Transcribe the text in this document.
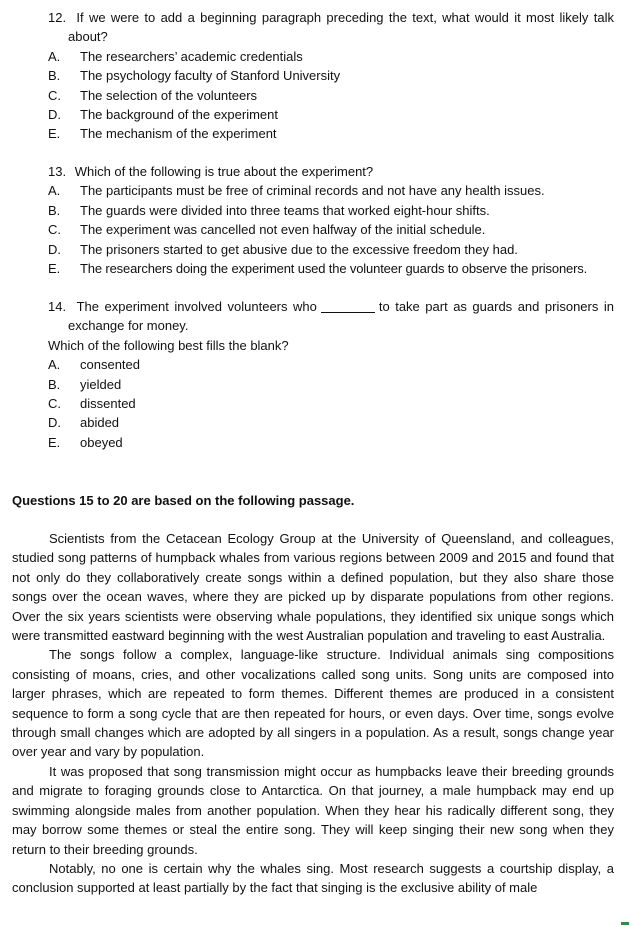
12. If we were to add a beginning paragraph preceding the text, what would it most likely talk about?
A. The researchers’ academic credentials
B. The psychology faculty of Stanford University
C. The selection of the volunteers
D. The background of the experiment
E. The mechanism of the experiment
13. Which of the following is true about the experiment?
A. The participants must be free of criminal records and not have any health issues.
B. The guards were divided into three teams that worked eight-hour shifts.
C. The experiment was cancelled not even halfway of the initial schedule.
D. The prisoners started to get abusive due to the excessive freedom they had.
E. The researchers doing the experiment used the volunteer guards to observe the prisoners.
14. The experiment involved volunteers who	to take part as guards and prisoners in exchange for money.
Which of the following best fills the blank?
A. consented
B. yielded
C. dissented
D. abided
E. obeyed
Questions 15 to 20 are based on the following passage.

Scientists from the Cetacean Ecology Group at the University of Queensland, and colleagues, studied song patterns of humpback whales from various regions between 2009 and 2015 and found that not only do they collaboratively create songs within a defined population, but they also share those songs over the ocean waves, where they are picked up by disparate populations from other regions. Over the six years scientists were observing whale populations, they identified six unique songs which were transmitted eastward beginning with the west Australian population and traveling to east Australia.

The songs follow a complex, language-like structure. Individual animals sing compositions consisting of moans, cries, and other vocalizations called song units. Song units are composed into larger phrases, which are repeated to form themes. Different themes are produced in a consistent sequence to form a song cycle that are then repeated for hours, or even days. Over time, songs evolve through small changes which are adopted by all singers in a population. As a result, songs change year over year and vary by population.

It was proposed that song transmission might occur as humpbacks leave their breeding grounds and migrate to foraging grounds close to Antarctica. On that journey, a male humpback may end up swimming alongside males from another population. When they hear his radically different song, they may borrow some themes or steal the entire song. They will keep singing their new song when they return to their breeding grounds.

Notably, no one is certain why the whales sing. Most research suggests a courtship display, a conclusion supported at least partially by the fact that singing is the exclusive ability of male
